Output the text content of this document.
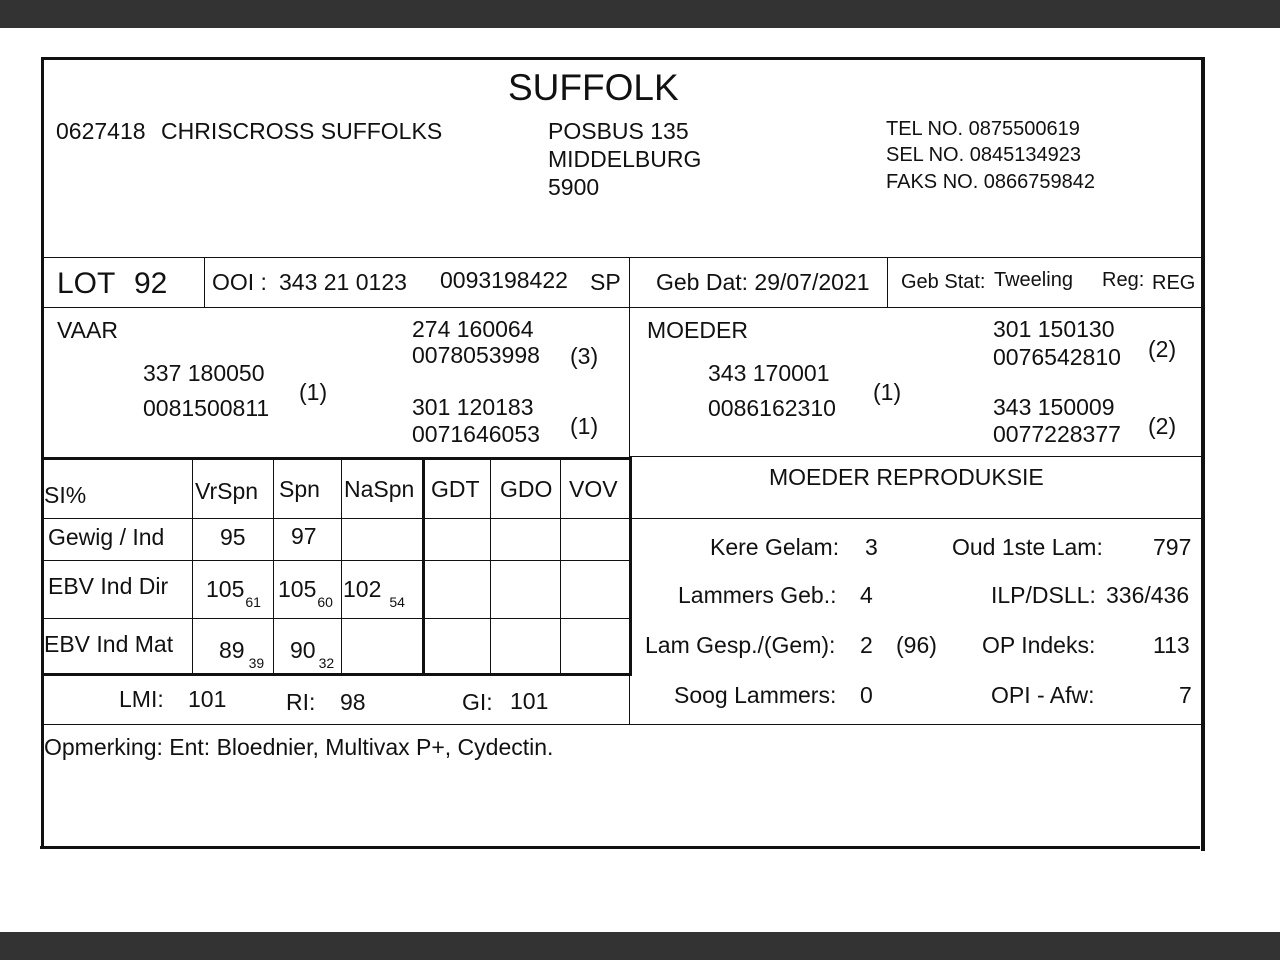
SUFFOLK
0627418 CHRISCROSS SUFFOLKS	POSBUS 135
MIDDELBURG
5900
TEL NO. 0875500619
SEL NO. 0845134923
FAKS NO. 0866759842
LOT 92 OOI : 343 21 0123 0093198422 SP Geb Dat: 29/07/2021 Geb Stat: Tweeling Reg: REG
VAAR
337 180050
0081500811
(1)
274 160064
0078053998 (3)
301 120183
0071646053 (1)
MOEDER
343 170001
0086162310
(1)
301 150130
0076542810 (2)
343 150009
0077228377 (2)
SI%	VrSpn Spn NaSpn GDT GDO VOV
Gewig / Ind 95 97
EBV Ind Dir $105_{61}$ $105_{60}$ 102 $_{54}$
EBV Ind Mat 89 $_{39}$ 90 $_{32}$
LMI: 101	RI: 98	GI: 101
MOEDER REPRODUKSIE
Kere Gelam: 3	Oud 1ste Lam: 797
Lammers Geb.: 4	ILP/DSLL: 336/436
Lam Gesp./(Gem): 2 (96) OP Indeks:	113
Soog Lammers: 0	OPI - Afw:	7
Opmerking: Ent: Bloednier, Multivax P+, Cydectin.
